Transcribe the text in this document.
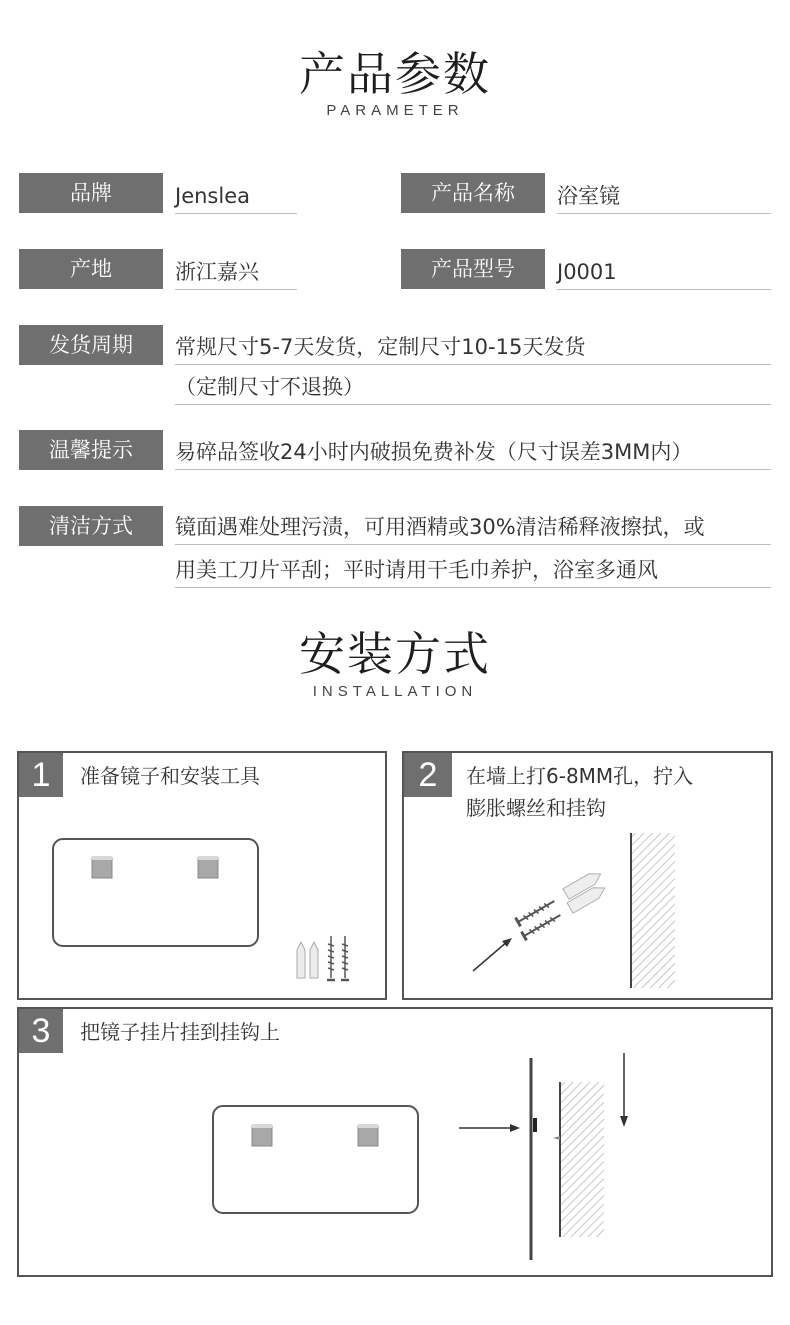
产品参数
PARAMETER
品牌	Jenslea	产品名称	浴室镜
产地	浙江嘉兴	产品型号	J0001
发货周期	常规尺寸5-7天发货，定制尺寸10-15天发货
（定制尺寸不退换）
温馨提示	易碎品签收24小时内破损免费补发（尺寸误差3MM内）
清洁方式	镜面遇难处理污渍，可用酒精或30%清洁稀释液擦拭，或
用美工刀片平刮；平时请用干毛巾养护，浴室多通风
安装方式
INSTALLATION
1	准备镜子和安装工具	2	在墙上打6-8MM孔，拧入
膨胀螺丝和挂钩
3	把镜子挂片挂到挂钩上
